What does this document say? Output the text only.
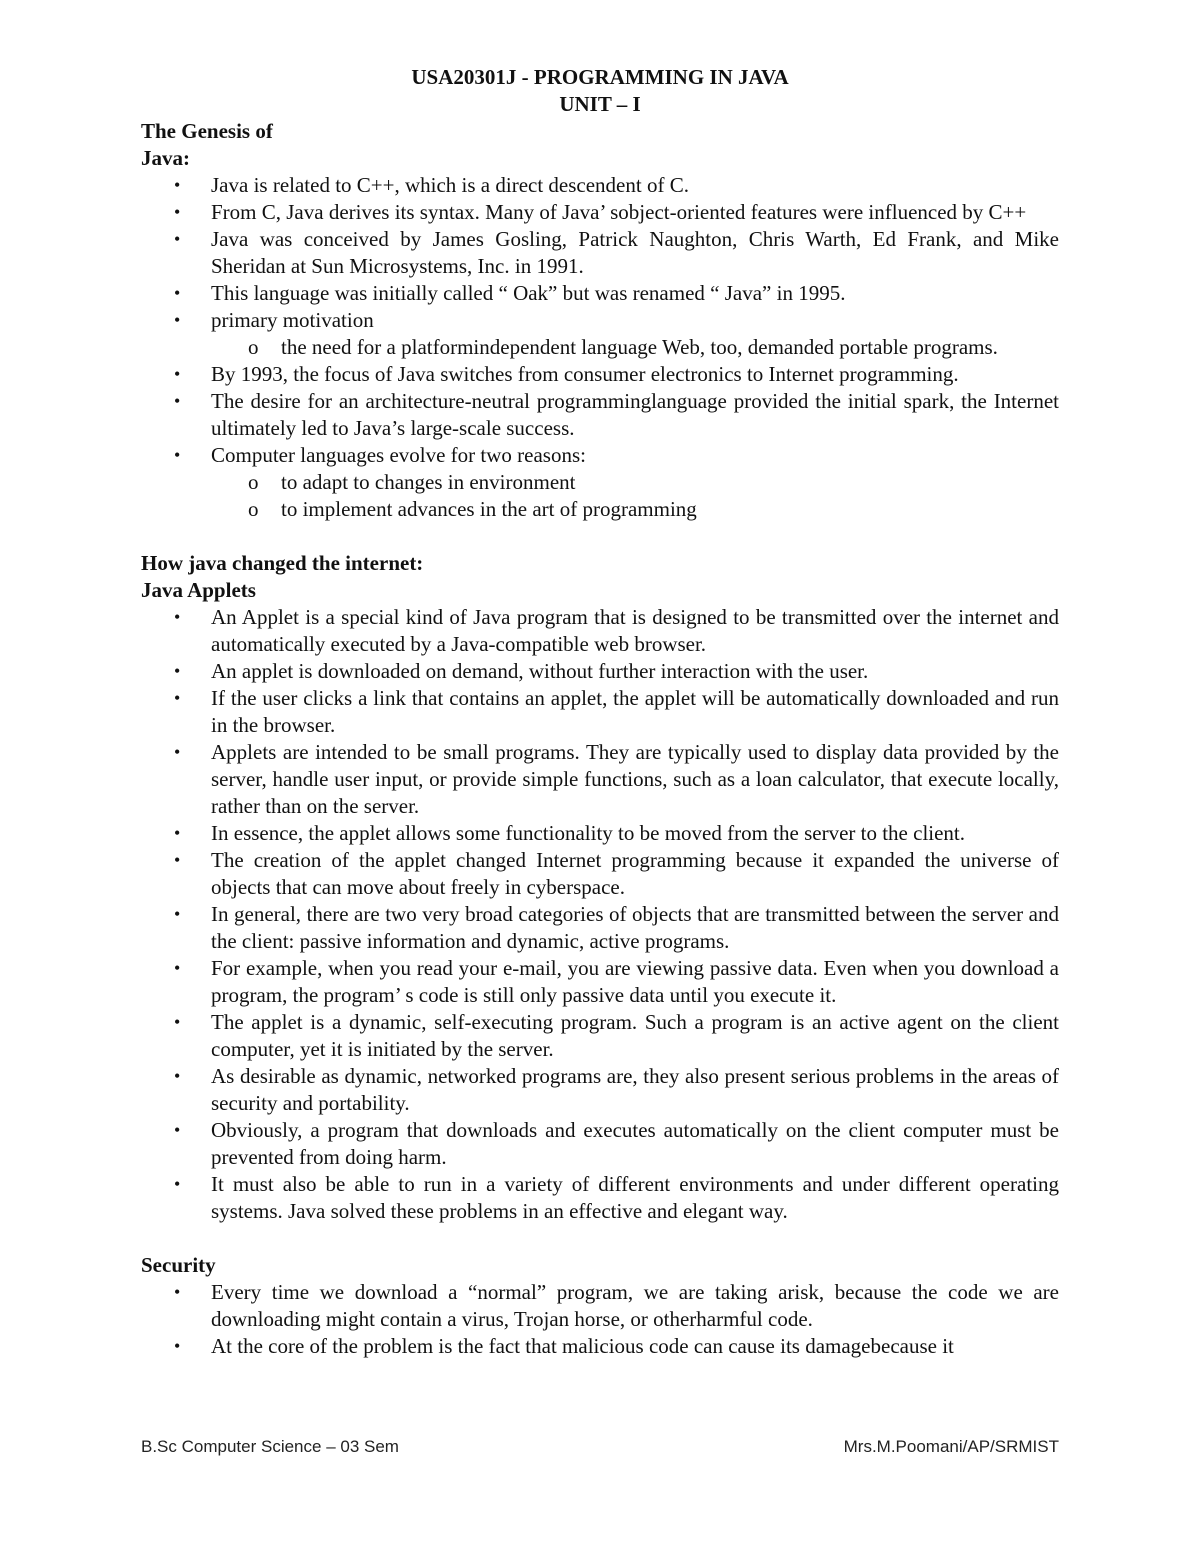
USA20301J - PROGRAMMING IN JAVA
UNIT – I
The Genesis of
Java:
• Java is related to C++, which is a direct descendent of C.
• From C, Java derives its syntax. Many of Java’ sobject-oriented features were influenced by C++
• Java was conceived by James Gosling, Patrick Naughton, Chris Warth, Ed Frank, and Mike Sheridan at Sun Microsystems, Inc. in 1991.
• This language was initially called “ Oak” but was renamed “ Java” in 1995.
• primary motivation
o the need for a platformindependent language Web, too, demanded portable programs.
• By 1993, the focus of Java switches from consumer electronics to Internet programming.
• The desire for an architecture-neutral programminglanguage provided the initial spark, the Internet ultimately led to Java’s large-scale success.
• Computer languages evolve for two reasons:
o to adapt to changes in environment
o to implement advances in the art of programming
How java changed the internet:
Java Applets
• An Applet is a special kind of Java program that is designed to be transmitted over the internet and automatically executed by a Java-compatible web browser.
• An applet is downloaded on demand, without further interaction with the user.
• If the user clicks a link that contains an applet, the applet will be automatically downloaded and run in the browser.
• Applets are intended to be small programs. They are typically used to display data provided by the server, handle user input, or provide simple functions, such as a loan calculator, that execute locally, rather than on the server.
• In essence, the applet allows some functionality to be moved from the server to the client.
• The creation of the applet changed Internet programming because it expanded the universe of objects that can move about freely in cyberspace.
• In general, there are two very broad categories of objects that are transmitted between the server and the client: passive information and dynamic, active programs.
• For example, when you read your e-mail, you are viewing passive data. Even when you download a program, the program’ s code is still only passive data until you execute it.
• The applet is a dynamic, self-executing program. Such a program is an active agent on the client computer, yet it is initiated by the server.
• As desirable as dynamic, networked programs are, they also present serious problems in the areas of security and portability.
• Obviously, a program that downloads and executes automatically on the client computer must be prevented from doing harm.
• It must also be able to run in a variety of different environments and under different operating systems. Java solved these problems in an effective and elegant way.
Security
• Every time we download a “normal” program, we are taking arisk, because the code we are downloading might contain a virus, Trojan horse, or otherharmful code.
• At the core of the problem is the fact that malicious code can cause its damagebecause it
B.Sc Computer Science – 03 Sem	Mrs.M.Poomani/AP/SRMIST
